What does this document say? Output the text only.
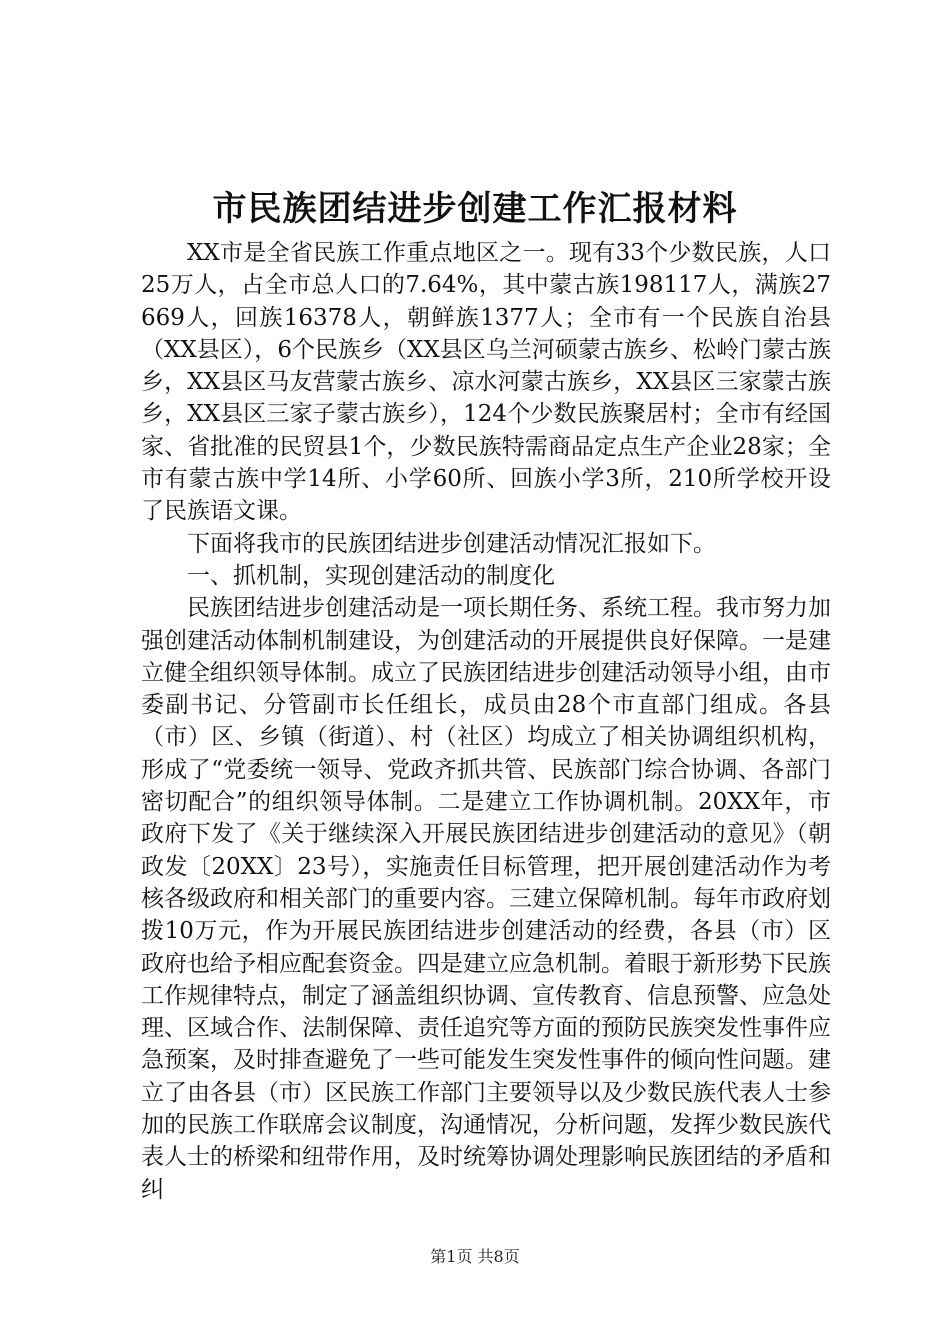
市民族团结进步创建工作汇报材料

XX市是全省民族工作重点地区之一。现有33个少数民族，人口25万人，占全市总人口的7.64%，其中蒙古族198117人，满族27669人，回族16378人，朝鲜族1377人；全市有一个民族自治县（XX县区），6个民族乡（XX县区乌兰河硕蒙古族乡、松岭门蒙古族乡，XX县区马友营蒙古族乡、凉水河蒙古族乡，XX县区三家蒙古族乡，XX县区三家子蒙古族乡），124个少数民族聚居村；全市有经国家、省批准的民贸县1个，少数民族特需商品定点生产企业28家；全市有蒙古族中学14所、小学60所、回族小学3所，210所学校开设了民族语文课。

下面将我市的民族团结进步创建活动情况汇报如下。

一、抓机制，实现创建活动的制度化

民族团结进步创建活动是一项长期任务、系统工程。我市努力加强创建活动体制机制建设，为创建活动的开展提供良好保障。一是建立健全组织领导体制。成立了民族团结进步创建活动领导小组，由市委副书记、分管副市长任组长，成员由28个市直部门组成。各县（市）区、乡镇（街道）、村（社区）均成立了相关协调组织机构，形成了“党委统一领导、党政齐抓共管、民族部门综合协调、各部门密切配合”的组织领导体制。二是建立工作协调机制。20XX年，市政府下发了《关于继续深入开展民族团结进步创建活动的意见》（朝政发〔20XX〕23号），实施责任目标管理，把开展创建活动作为考核各级政府和相关部门的重要内容。三建立保障机制。每年市政府划拨10万元，作为开展民族团结进步创建活动的经费，各县（市）区政府也给予相应配套资金。四是建立应急机制。着眼于新形势下民族工作规律特点，制定了涵盖组织协调、宣传教育、信息预警、应急处理、区域合作、法制保障、责任追究等方面的预防民族突发性事件应急预案，及时排查避免了一些可能发生突发性事件的倾向性问题。建立了由各县（市）区民族工作部门主要领导以及少数民族代表人士参加的民族工作联席会议制度，沟通情况，分析问题，发挥少数民族代表人士的桥梁和纽带作用，及时统筹协调处理影响民族团结的矛盾和纠

第1页 共8页
